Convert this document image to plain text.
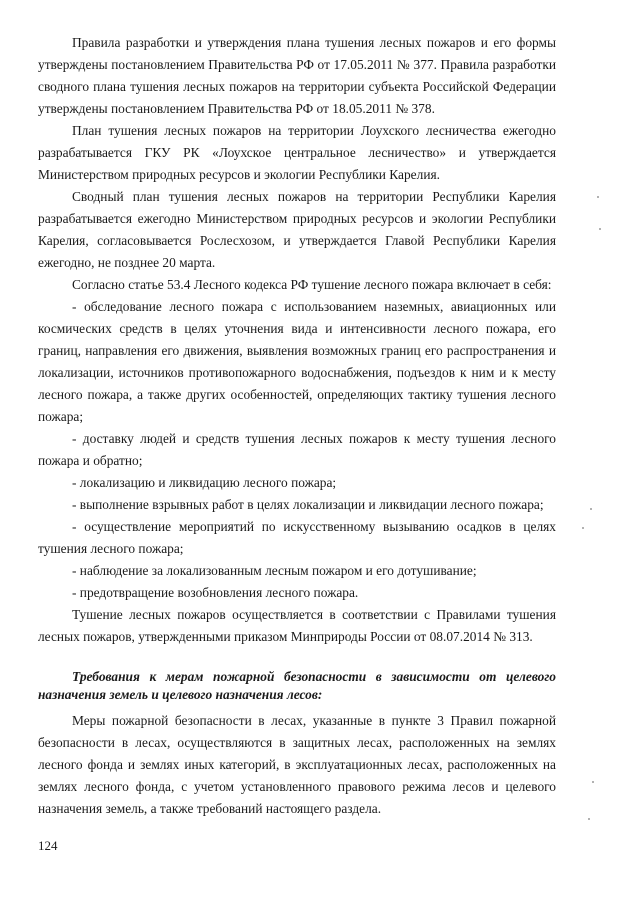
Правила разработки и утверждения плана тушения лесных пожаров и его формы утверждены постановлением Правительства РФ от 17.05.2011 № 377. Правила разработки сводного плана тушения лесных пожаров на территории субъекта Российской Федерации утверждены постановлением Правительства РФ от 18.05.2011 № 378.

План тушения лесных пожаров на территории Лоухского лесничества ежегодно разрабатывается ГКУ РК «Лоухское центральное лесничество» и утверждается Министерством природных ресурсов и экологии Республики Карелия.

Сводный план тушения лесных пожаров на территории Республики Карелия разрабатывается ежегодно Министерством природных ресурсов и экологии Республики Карелия, согласовывается Рослесхозом, и утверждается Главой Республики Карелия ежегодно, не позднее 20 марта.

Согласно статье 53.4 Лесного кодекса РФ тушение лесного пожара включает в себя:

- обследование лесного пожара с использованием наземных, авиационных или космических средств в целях уточнения вида и интенсивности лесного пожара, его границ, направления его движения, выявления возможных границ его распространения и локализации, источников противопожарного водоснабжения, подъездов к ним и к месту лесного пожара, а также других особенностей, определяющих тактику тушения лесного пожара;

- доставку людей и средств тушения лесных пожаров к месту тушения лесного пожара и обратно;

- локализацию и ликвидацию лесного пожара;

- выполнение взрывных работ в целях локализации и ликвидации лесного пожара;

- осуществление мероприятий по искусственному вызыванию осадков в целях тушения лесного пожара;

- наблюдение за локализованным лесным пожаром и его дотушивание;

- предотвращение возобновления лесного пожара.

Тушение лесных пожаров осуществляется в соответствии с Правилами тушения лесных пожаров, утвержденными приказом Минприроды России от 08.07.2014 № 313.

Требования к мерам пожарной безопасности в зависимости от целевого назначения земель и целевого назначения лесов:

Меры пожарной безопасности в лесах, указанные в пункте 3 Правил пожарной безопасности в лесах, осуществляются в защитных лесах, расположенных на землях лесного фонда и землях иных категорий, в эксплуатационных лесах, расположенных на землях лесного фонда, с учетом установленного правового режима лесов и целевого назначения земель, а также требований настоящего раздела.

124
